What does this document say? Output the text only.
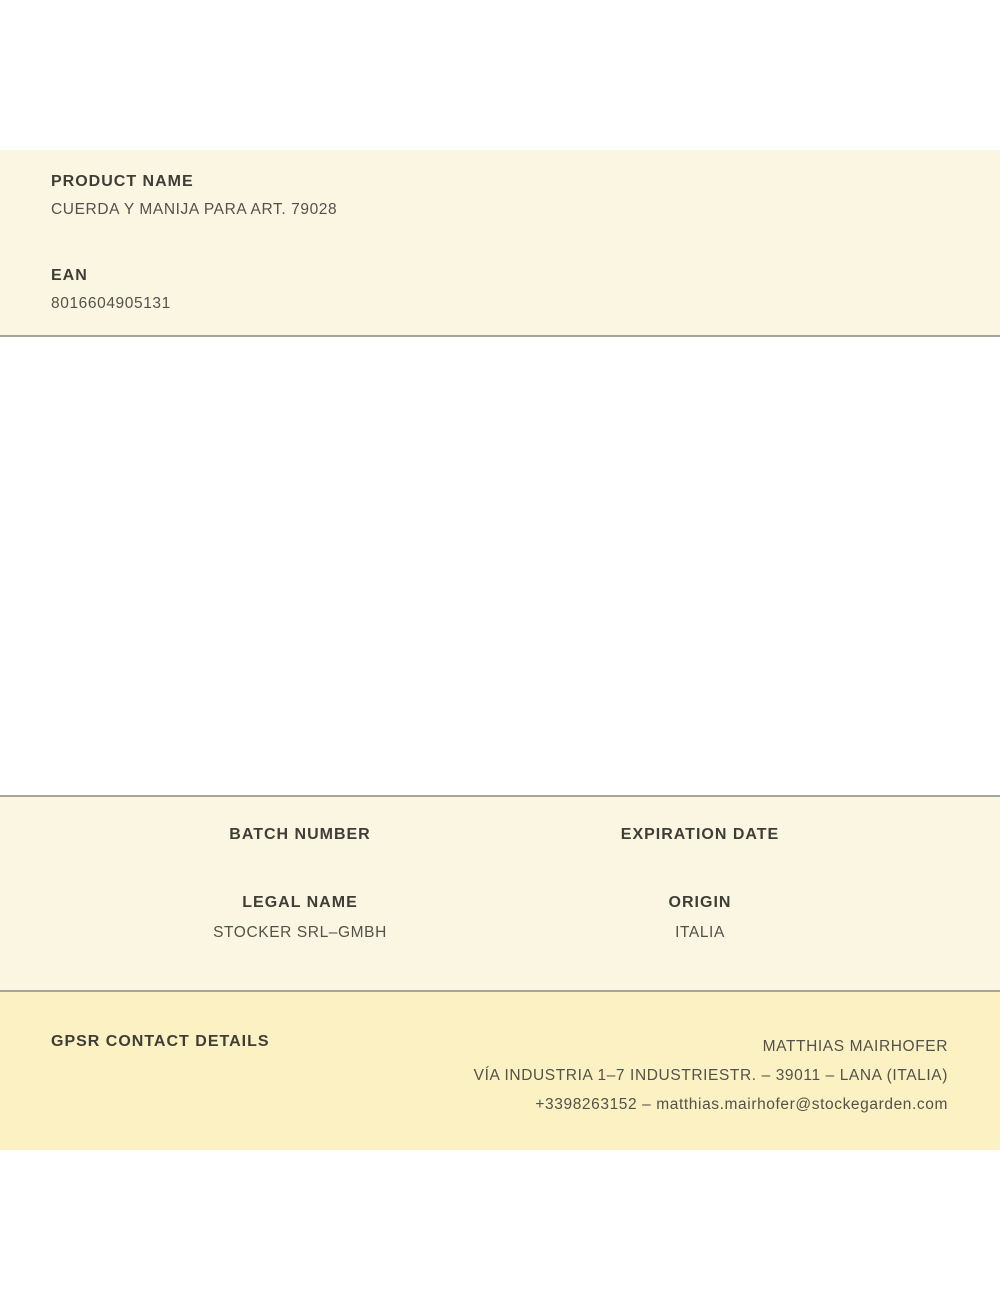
PRODUCT NAME
CUERDA Y MANIJA PARA ART. 79028
EAN
8016604905131
BATCH NUMBER	EXPIRATION DATE
LEGAL NAME
STOCKER SRL–GMBH
ORIGIN
ITALIA
GPSR CONTACT DETAILS	MATTHIAS MAIRHOFER
VÍA INDUSTRIA 1–7 INDUSTRIESTR. – 39011 – LANA (ITALIA)
+3398263152 – matthias.mairhofer@stockegarden.com
